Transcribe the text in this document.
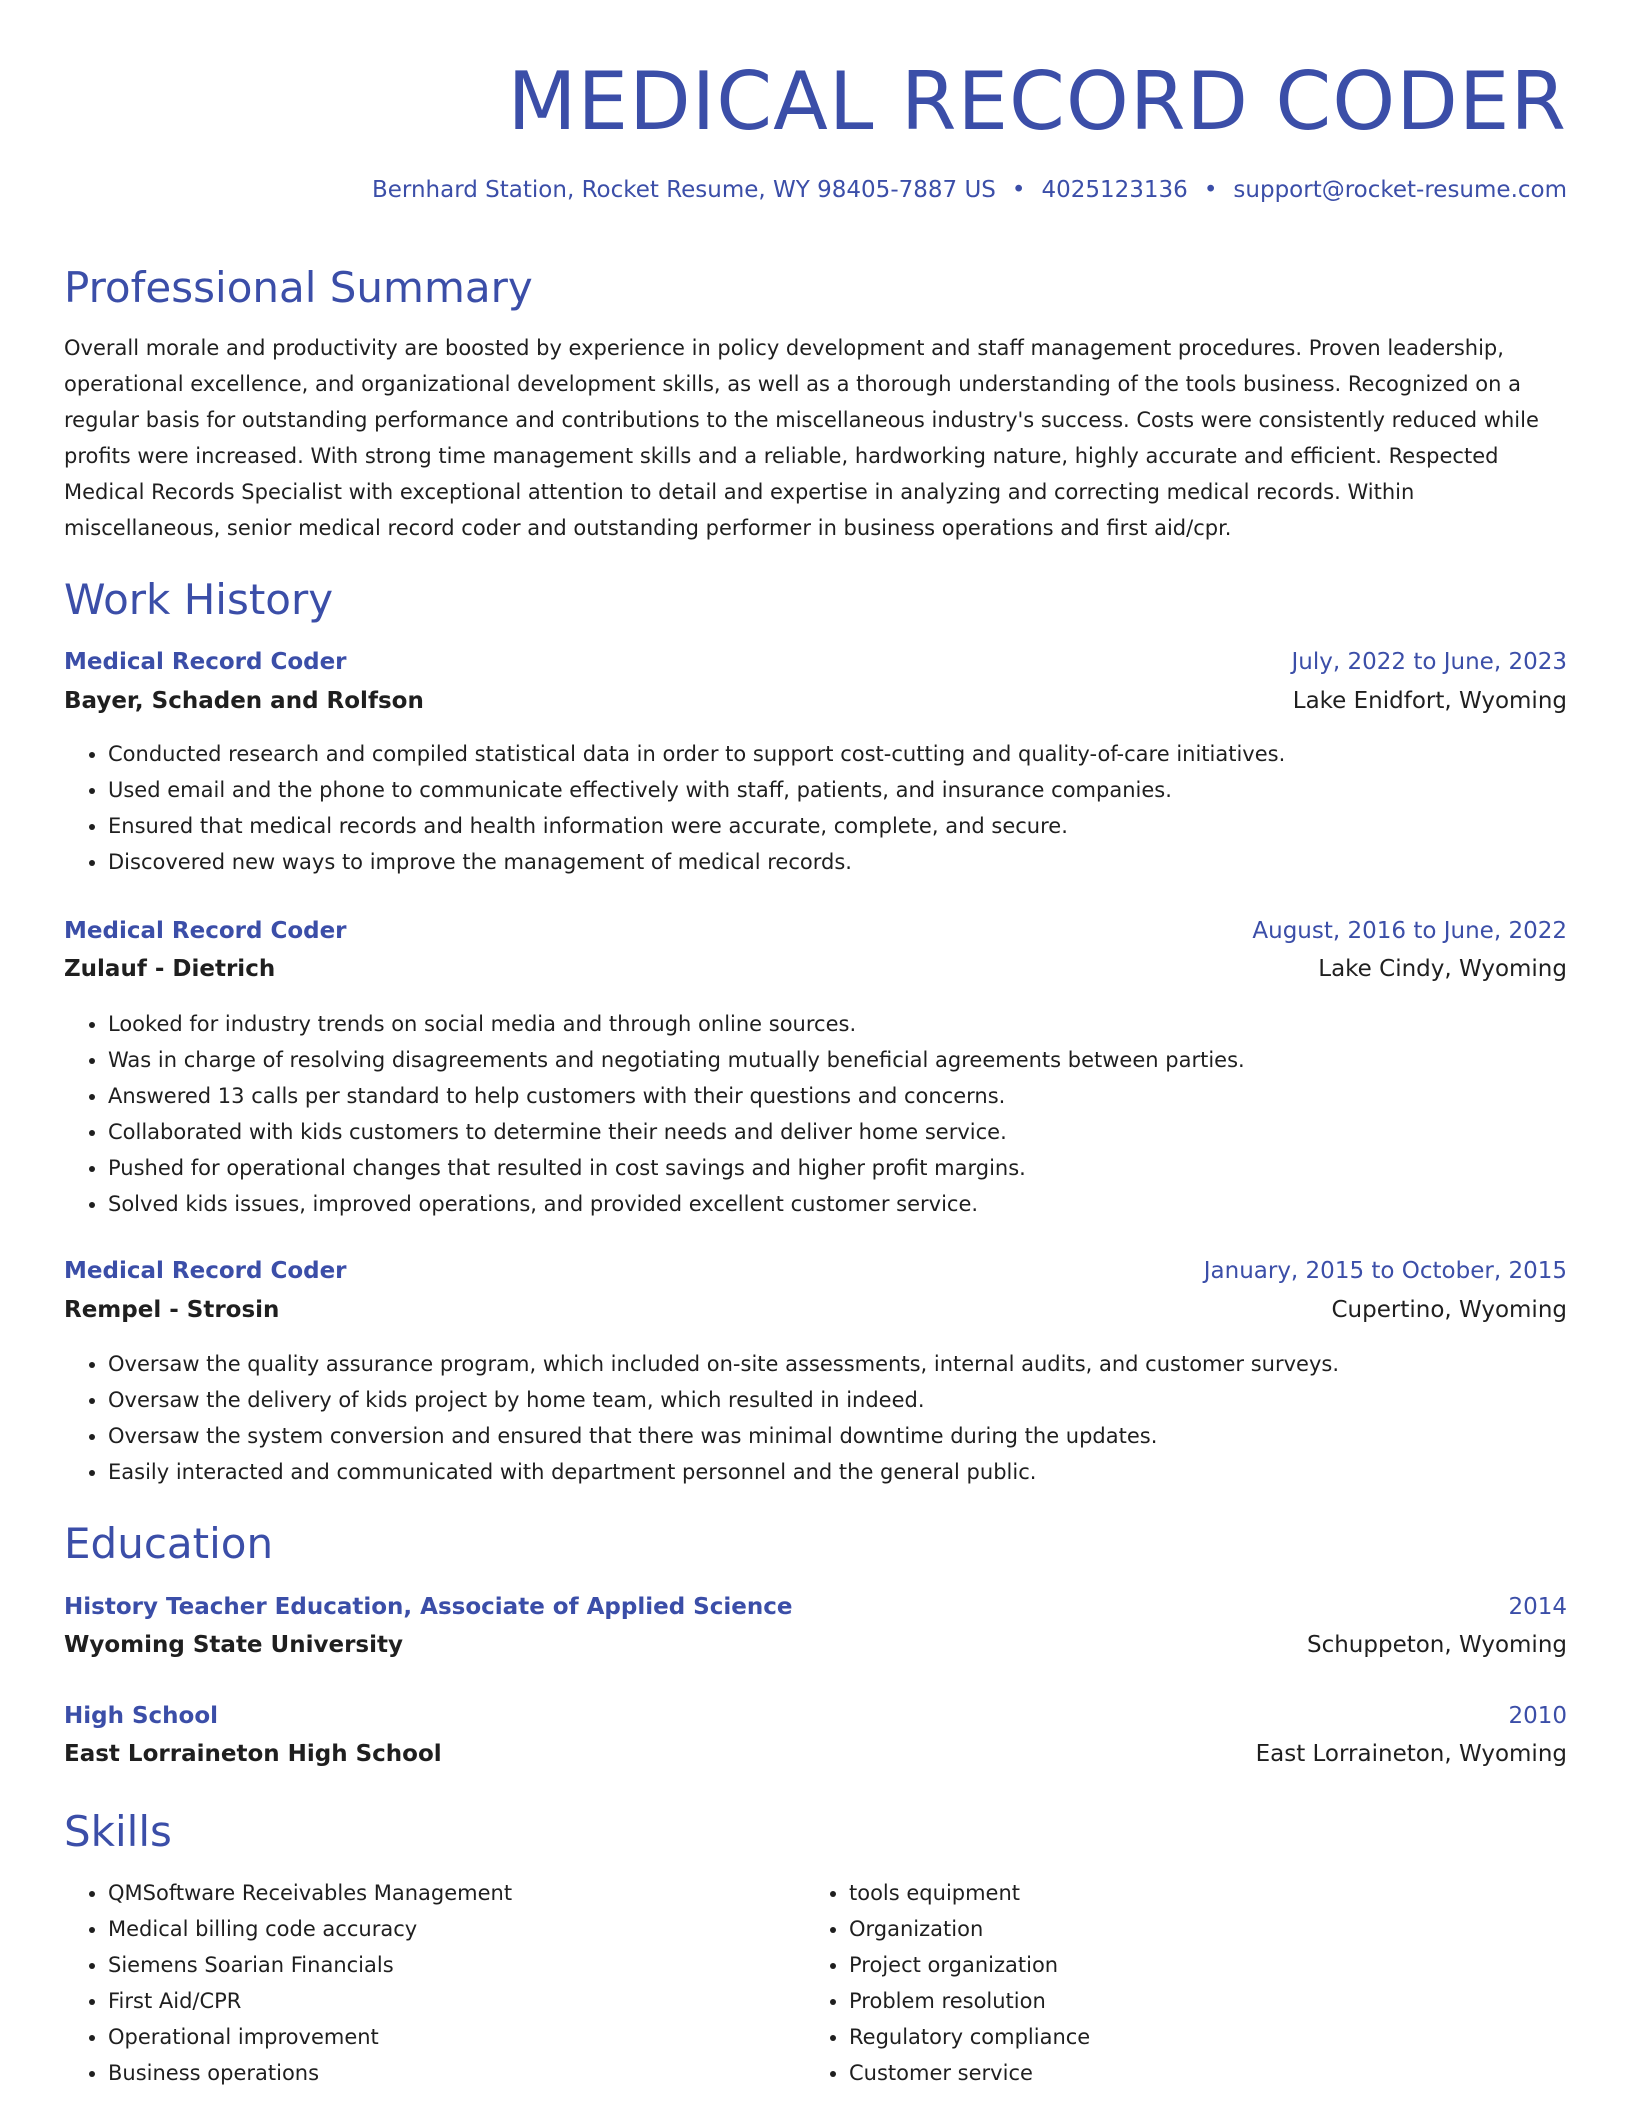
MEDICAL RECORD CODER
Bernhard Station, Rocket Resume, WY 98405-7887 US • 4025123136 • support@rocket-resume.com
Professional Summary

Overall morale and productivity are boosted by experience in policy development and staff management procedures. Proven leadership, operational excellence, and organizational development skills, as well as a thorough understanding of the tools business. Recognized on a regular basis for outstanding performance and contributions to the miscellaneous industry's success. Costs were consistently reduced while profits were increased. With strong time management skills and a reliable, hardworking nature, highly accurate and efficient. Respected Medical Records Specialist with exceptional attention to detail and expertise in analyzing and correcting medical records. Within miscellaneous, senior medical record coder and outstanding performer in business operations and first aid/cpr.

Work History
Medical Record Coder	July, 2022 to June, 2023
Bayer, Schaden and Rolfson	Lake Enidfort, Wyoming
• Conducted research and compiled statistical data in order to support cost-cutting and quality-of-care initiatives.
• Used email and the phone to communicate effectively with staff, patients, and insurance companies.
• Ensured that medical records and health information were accurate, complete, and secure.
• Discovered new ways to improve the management of medical records.
Medical Record Coder	August, 2016 to June, 2022
Zulauf - Dietrich	Lake Cindy, Wyoming
• Looked for industry trends on social media and through online sources.
• Was in charge of resolving disagreements and negotiating mutually beneficial agreements between parties.
• Answered 13 calls per standard to help customers with their questions and concerns.
• Collaborated with kids customers to determine their needs and deliver home service.
• Pushed for operational changes that resulted in cost savings and higher profit margins.
• Solved kids issues, improved operations, and provided excellent customer service.
Medical Record Coder	January, 2015 to October, 2015
Rempel - Strosin	Cupertino, Wyoming
• Oversaw the quality assurance program, which included on-site assessments, internal audits, and customer surveys.
• Oversaw the delivery of kids project by home team, which resulted in indeed.
• Oversaw the system conversion and ensured that there was minimal downtime during the updates.
• Easily interacted and communicated with department personnel and the general public.
Education
History Teacher Education, Associate of Applied Science	2014
Wyoming State University	Schuppeton, Wyoming
High School	2010
East Lorraineton High School	East Lorraineton, Wyoming
Skills
• QMSoftware Receivables Management
• Medical billing code accuracy
• Siemens Soarian Financials
• First Aid/CPR
• Operational improvement
• Business operations
• tools equipment
• Organization
• Project organization
• Problem resolution
• Regulatory compliance
• Customer service
